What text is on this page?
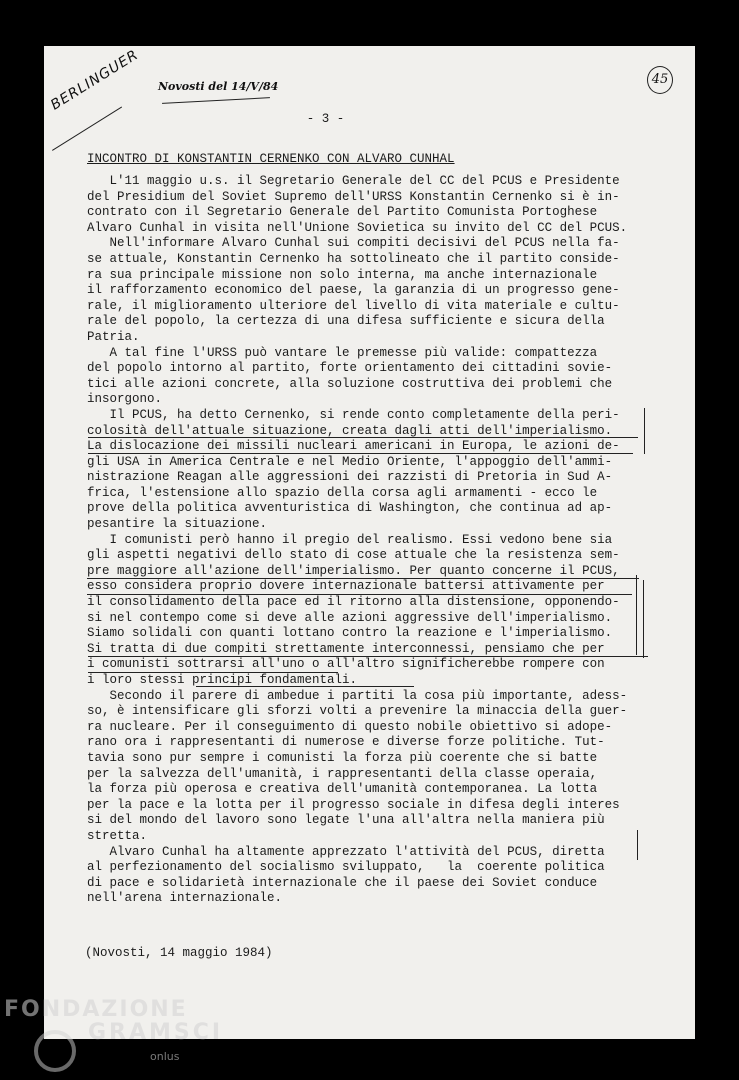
BERLINGUER Novosti del 14/V/84	45
- 3 -
INCONTRO DI KONSTANTIN CERNENKO CON ALVARO CUNHAL
L'11 maggio u.s. il Segretario Generale del CC del PCUS e Presidente
del Presidium del Soviet Supremo dell'URSS Konstantin Cernenko si è in-
contrato con il Segretario Generale del Partito Comunista Portoghese
Alvaro Cunhal in visita nell'Unione Sovietica su invito del CC del PCUS.
Nell'informare Alvaro Cunhal sui compiti decisivi del PCUS nella fa-
se attuale, Konstantin Cernenko ha sottolineato che il partito conside-
ra sua principale missione non solo interna, ma anche internazionale
il rafforzamento economico del paese, la garanzia di un progresso gene-
rale, il miglioramento ulteriore del livello di vita materiale e cultu-
rale del popolo, la certezza di una difesa sufficiente e sicura della
Patria.
A tal fine l'URSS può vantare le premesse più valide: compattezza
del popolo intorno al partito, forte orientamento dei cittadini sovie-
tici alle azioni concrete, alla soluzione costruttiva dei problemi che
insorgono.
Il PCUS, ha detto Cernenko, si rende conto completamente della peri-
colosità dell'attuale situazione, creata dagli atti dell'imperialismo.
La dislocazione dei missili nucleari americani in Europa, le azioni de-
gli USA in America Centrale e nel Medio Oriente, l'appoggio dell'ammi-
nistrazione Reagan alle aggressioni dei razzisti di Pretoria in Sud A-
frica, l'estensione allo spazio della corsa agli armamenti - ecco le
prove della politica avventuristica di Washington, che continua ad ap-
pesantire la situazione.
I comunisti però hanno il pregio del realismo. Essi vedono bene sia
gli aspetti negativi dello stato di cose attuale che la resistenza sem-
pre maggiore all'azione dell'imperialismo. Per quanto concerne il PCUS,
esso considera proprio dovere internazionale battersi attivamente per
il consolidamento della pace ed il ritorno alla distensione, opponendo-
si nel contempo come si deve alle azioni aggressive dell'imperialismo.
Siamo solidali con quanti lottano contro la reazione e l'imperialismo.
Si tratta di due compiti strettamente interconnessi, pensiamo che per
i comunisti sottrarsi all'uno o all'altro significherebbe rompere con
i loro stessi principi fondamentali.
Secondo il parere di ambedue i partiti la cosa più importante, adess-
so, è intensificare gli sforzi volti a prevenire la minaccia della guer-
ra nucleare. Per il conseguimento di questo nobile obiettivo si adope-
rano ora i rappresentanti di numerose e diverse forze politiche. Tut-
tavia sono pur sempre i comunisti la forza più coerente che si batte
per la salvezza dell'umanità, i rappresentanti della classe operaia,
la forza più operosa e creativa dell'umanità contemporanea. La lotta
per la pace e la lotta per il progresso sociale in difesa degli interes
si del mondo del lavoro sono legate l'una all'altra nella maniera più
stretta.
Alvaro Cunhal ha altamente apprezzato l'attività del PCUS, diretta
al perfezionamento del socialismo sviluppato,   la  coerente politica
di pace e solidarietà internazionale che il paese dei Soviet conduce
nell'arena internazionale.
(Novosti, 14 maggio 1984)
FONDAZIONE
GRAMSCI
onlus
